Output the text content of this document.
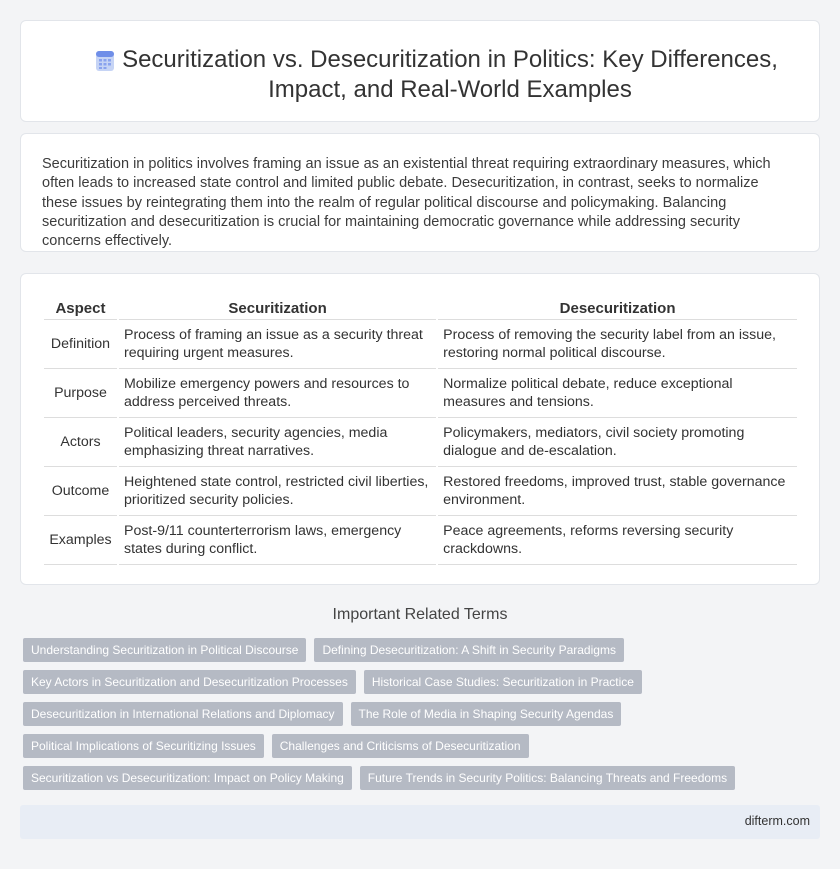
Securitization vs. Desecuritization in Politics: Key Differences, Impact, and Real-World Examples

Securitization in politics involves framing an issue as an existential threat requiring extraordinary measures, which often leads to increased state control and limited public debate. Desecuritization, in contrast, seeks to normalize these issues by reintegrating them into the realm of regular political discourse and policymaking. Balancing securitization and desecuritization is crucial for maintaining democratic governance while addressing security concerns effectively.

Aspect	Securitization	Desecuritization
Definition	Process of framing an issue as a security threat requiring urgent measures.	Process of removing the security label from an issue, restoring normal political discourse.
Purpose	Mobilize emergency powers and resources to address perceived threats.	Normalize political debate, reduce exceptional measures and tensions.
Actors	Political leaders, security agencies, media emphasizing threat narratives.	Policymakers, mediators, civil society promoting dialogue and de-escalation.
Outcome	Heightened state control, restricted civil liberties, prioritized security policies.	Restored freedoms, improved trust, stable governance environment.
Examples	Post-9/11 counterterrorism laws, emergency states during conflict.	Peace agreements, reforms reversing security crackdowns.
Important Related Terms
Understanding Securitization in Political Discourse	Defining Desecuritization: A Shift in Security Paradigms
Key Actors in Securitization and Desecuritization Processes	Historical Case Studies: Securitization in Practice
Desecuritization in International Relations and Diplomacy	The Role of Media in Shaping Security Agendas
Political Implications of Securitizing Issues	Challenges and Criticisms of Desecuritization
Securitization vs Desecuritization: Impact on Policy Making	Future Trends in Security Politics: Balancing Threats and Freedoms
difterm.com
